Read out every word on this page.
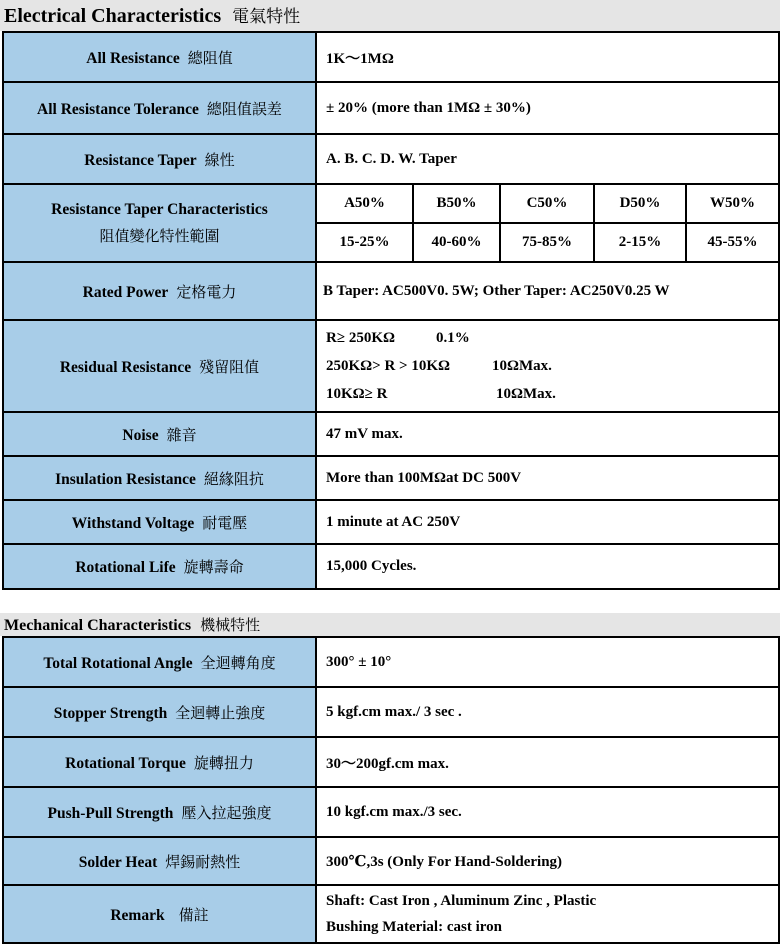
Electrical Characteristics 電氣特性
All Resistance 總阻值	1K～1MΩ
All Resistance Tolerance 總阻值誤差	± 20% (more than 1MΩ ± 30%)
Resistance Taper 線性	A. B. C. D. W. Taper

Resistance Taper Characteristics
阻值變化特性範圍

A50%	B50%	C50%	D50%	W50%
15-25%	40-60%	75-85%	2-15%	45-55%

Rated Power 定格電力	B Taper: AC500V0. 5W; Other Taper: AC250V0.25 W
Residual Resistance 殘留阻值	
R≥ 250KΩ	0.1%
250KΩ> R > 10KΩ	10ΩMax.
10KΩ≥ R	10ΩMax.

Noise 雜音	47 mV max.
Insulation Resistance 絕緣阻抗	More than 100MΩat DC 500V
Withstand Voltage 耐電壓	1 minute at AC 250V
Rotational Life 旋轉壽命	15,000 Cycles.
Mechanical Characteristics 機械特性
Total Rotational Angle 全迴轉角度	300° ± 10°
Stopper Strength 全迴轉止強度	5 kgf.cm max./ 3 sec .
Rotational Torque 旋轉扭力	30～200gf.cm max.
Push-Pull Strength 壓入拉起強度	10 kgf.cm max./3 sec.
Solder Heat 焊錫耐熱性	300℃,3s (Only For Hand-Soldering)
Remark 備註	Shaft: Cast Iron , Aluminum Zinc , Plastic
Bushing Material: cast iron
